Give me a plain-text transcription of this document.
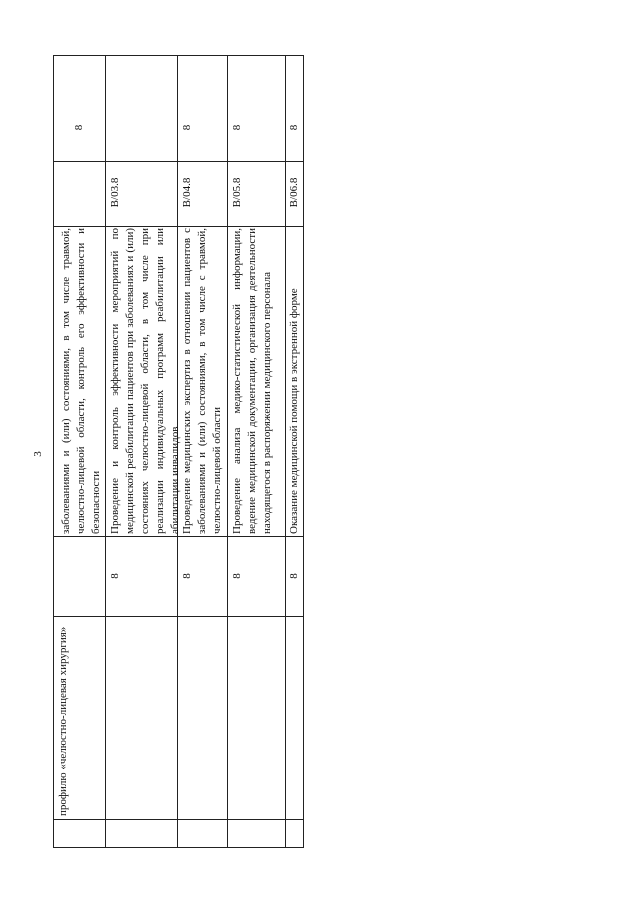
3
профилю «челюстно-лицевая хирургия»
заболеваниями и (или) состояниями, в том числе травмой, челюстно-лицевой области, контроль его эффективности и безопасности
8
8
Проведение и контроль эффективности мероприятий по медицинской реабилитации пациентов при заболеваниях и (или) состояниях челюстно-лицевой области, в том числе при реализации индивидуальных программ реабилитации или абилитации инвалидов
B/03.8
8
Проведение медицинских экспертиз в отношении пациентов с заболеваниями и (или) состояниями, в том числе с травмой, челюстно-лицевой области
B/04.8
8
8
Проведение анализа медико-статистической информации, ведение медицинской документации, организация деятельности находящегося в распоряжении медицинского персонала
B/05.8
8
8
Оказание медицинской помощи в экстренной форме
B/06.8
8
